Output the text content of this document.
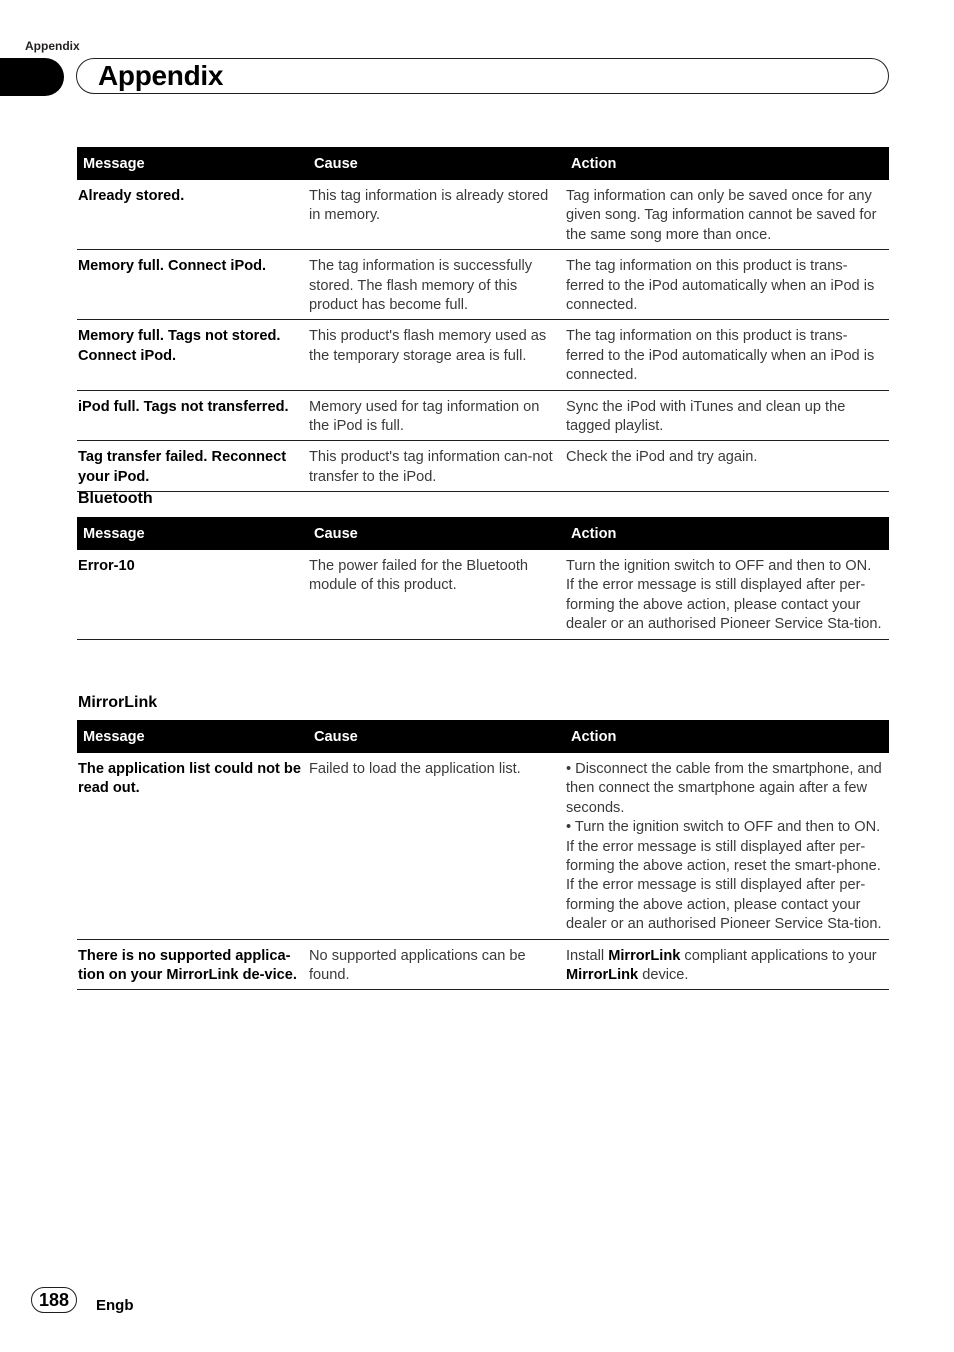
Appendix
Appendix
Message	Cause	Action
Already stored.	This tag information is already stored in memory.	Tag information can only be saved once for any given song. Tag information cannot be saved for the same song more than once.

Memory full. Connect iPod.	The tag information is successfully stored. The flash memory of this product has become full.	The tag information on this product is trans-ferred to the iPod automatically when an iPod is connected.

Memory full. Tags not stored. Connect iPod.	This product's flash memory used as the temporary storage area is full.	The tag information on this product is trans-ferred to the iPod automatically when an iPod is connected.

iPod full. Tags not transferred.	Memory used for tag information on the iPod is full.	Sync the iPod with iTunes and clean up the tagged playlist.

Tag transfer failed. Reconnect your iPod.	This product's tag information can-not transfer to the iPod.	Check the iPod and try again.
Bluetooth
Message	Cause	Action
Error-10	The power failed for the Bluetooth module of this product.	Turn the ignition switch to OFF and then to ON.
If the error message is still displayed after per-forming the above action, please contact your dealer or an authorised Pioneer Service Sta-tion.
MirrorLink
Message	Cause	Action
The application list could not be read out.	Failed to load the application list.	• Disconnect the cable from the smartphone, and then connect the smartphone again after a few seconds.
• Turn the ignition switch to OFF and then to ON.
If the error message is still displayed after per-forming the above action, reset the smart-phone.
If the error message is still displayed after per-forming the above action, please contact your dealer or an authorised Pioneer Service Sta-tion.

There is no supported applica-tion on your MirrorLink de-vice.	No supported applications can be found.	Install MirrorLink compliant applications to your MirrorLink device.
188	Engb
